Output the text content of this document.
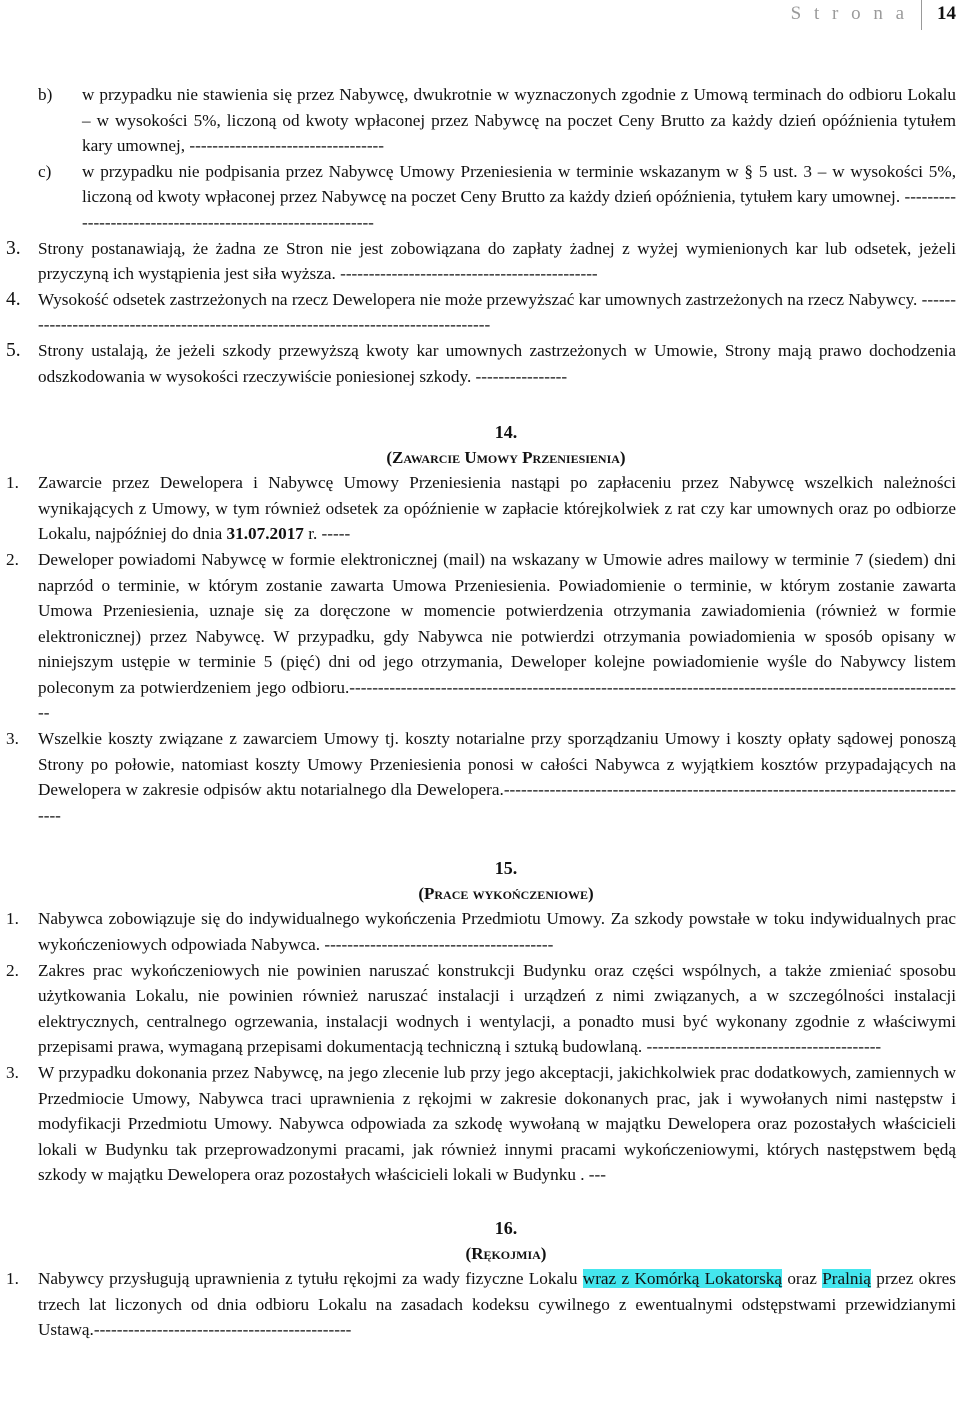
S t r o n a 14
b) w przypadku nie stawienia się przez Nabywcę, dwukrotnie w wyznaczonych zgodnie z Umową terminach do odbioru Lokalu – w wysokości 5%, liczoną od kwoty wpłaconej przez Nabywcę na poczet Ceny Brutto za każdy dzień opóźnienia tytułem kary umownej, ----------------------------------

c) w przypadku nie podpisania przez Nabywcę Umowy Przeniesienia w terminie wskazanym w § 5 ust. 3 – w wysokości 5%, liczoną od kwoty wpłaconej przez Nabywcę na poczet Ceny Brutto za każdy dzień opóźnienia, tytułem kary umownej. ------------------------------------------------------------

3. Strony postanawiają, że żadna ze Stron nie jest zobowiązana do zapłaty żadnej z wyżej wymienionych kar lub odsetek, jeżeli przyczyną ich wystąpienia jest siła wyższa. ---------------------------------------------

4. Wysokość odsetek zastrzeżonych na rzecz Dewelopera nie może przewyższać kar umownych zastrzeżonych na rzecz Nabywcy. -------------------------------------------------------------------------------------

5. Strony ustalają, że jeżeli szkody przewyższą kwoty kar umownych zastrzeżonych w Umowie, Strony mają prawo dochodzenia odszkodowania w wysokości rzeczywiście poniesionej szkody. ----------------

14.
(Zawarcie Umowy Przeniesienia)
1. Zawarcie przez Dewelopera i Nabywcę Umowy Przeniesienia nastąpi po zapłaceniu przez Nabywcę wszelkich należności wynikających z Umowy, w tym również odsetek za opóźnienie w zapłacie którejkolwiek z rat czy kar umownych oraz po odbiorze Lokalu, najpóźniej do dnia 31.07.2017 r. -----

2. Deweloper powiadomi Nabywcę w formie elektronicznej (mail) na wskazany w Umowie adres mailowy w terminie 7 (siedem) dni naprzód o terminie, w którym zostanie zawarta Umowa Przeniesienia. Powiadomienie o terminie, w którym zostanie zawarta Umowa Przeniesienia, uznaje się za doręczone w momencie potwierdzenia otrzymania zawiadomienia (również w formie elektronicznej) przez Nabywcę. W przypadku, gdy Nabywca nie potwierdzi otrzymania powiadomienia w sposób opisany w niniejszym ustępie w terminie 5 (pięć) dni od jego otrzymania, Deweloper kolejne powiadomienie wyśle do Nabywcy listem poleconym za potwierdzeniem jego odbioru.------------------------------------------------------------------------------------------------------------

3. Wszelkie koszty związane z zawarciem Umowy tj. koszty notarialne przy sporządzaniu Umowy i koszty opłaty sądowej ponoszą Strony po połowie, natomiast koszty Umowy Przeniesienia ponosi w całości Nabywca z wyjątkiem kosztów przypadających na Dewelopera w zakresie odpisów aktu notarialnego dla Dewelopera.-----------------------------------------------------------------------------------

15.
(Prace wykończeniowe)
1. Nabywca zobowiązuje się do indywidualnego wykończenia Przedmiotu Umowy. Za szkody powstałe w toku indywidualnych prac wykończeniowych odpowiada Nabywca. ----------------------------------------

2. Zakres prac wykończeniowych nie powinien naruszać konstrukcji Budynku oraz części wspólnych, a także zmieniać sposobu użytkowania Lokalu, nie powinien również naruszać instalacji i urządzeń z nimi związanych, a w szczególności instalacji elektrycznych, centralnego ogrzewania, instalacji wodnych i wentylacji, a ponadto musi być wykonany zgodnie z właściwymi przepisami prawa, wymaganą przepisami dokumentacją techniczną i sztuką budowlaną. -----------------------------------------

3. W przypadku dokonania przez Nabywcę, na jego zlecenie lub przy jego akceptacji, jakichkolwiek prac dodatkowych, zamiennych w Przedmiocie Umowy, Nabywca traci uprawnienia z rękojmi w zakresie dokonanych prac, jak i wywołanych nimi następstw i modyfikacji Przedmiotu Umowy. Nabywca odpowiada za szkodę wywołaną w majątku Dewelopera oraz pozostałych właścicieli lokali w Budynku tak przeprowadzonymi pracami, jak również innymi pracami wykończeniowymi, których następstwem będą szkody w majątku Dewelopera oraz pozostałych właścicieli lokali w Budynku . ---

16.
(Rękojmia)
1. Nabywcy przysługują uprawnienia z tytułu rękojmi za wady fizyczne Lokalu wraz z Komórką Lokatorską oraz Pralnią przez okres trzech lat liczonych od dnia odbioru Lokalu na zasadach kodeksu cywilnego z ewentualnymi odstępstwami przewidzianymi Ustawą.---------------------------------------------
